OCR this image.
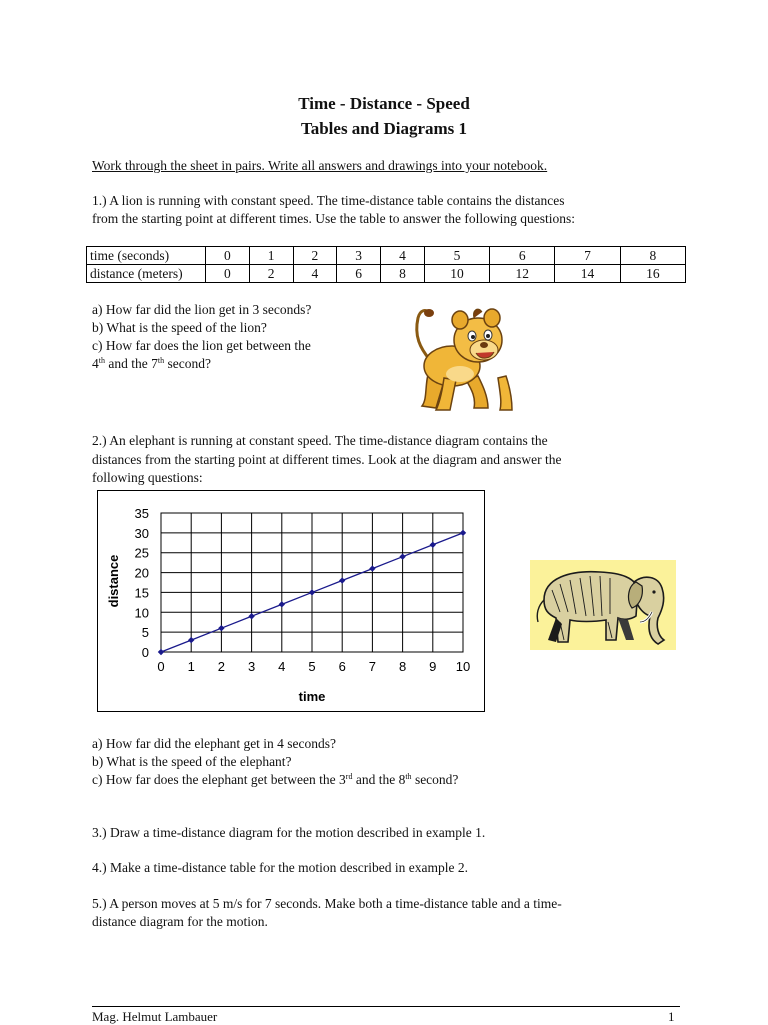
Time - Distance - Speed
Tables and Diagrams 1
Work through the sheet in pairs. Write all answers and drawings into your notebook.
1.) A lion is running with constant speed. The time-distance table contains the distances
from the starting point at different times. Use the table to answer the following questions:
time (seconds)	0	1	2	3	4	5	6	7	8
distance (meters)	0	2	4	6	8	10	12	14	16
a) How far did the lion get in 3 seconds?
b) What is the speed of the lion?
c) How far does the lion get between the
4th and the 7th second?
2.) An elephant is running at constant speed. The time-distance diagram contains the
distances from the starting point at different times. Look at the diagram and answer the
following questions:
0 1 2 3 4 5 6 7 8 9 10
0
5
10
15
20
25
30
35
time
distance
a) How far did the elephant get in 4 seconds?
b) What is the speed of the elephant?
c) How far does the elephant get between the 3rd and the 8th second?
3.) Draw a time-distance diagram for the motion described in example 1.
4.) Make a time-distance table for the motion described in example 2.
5.) A person moves at 5 m/s for 7 seconds. Make both a time-distance table and a time-
distance diagram for the motion.
Mag. Helmut Lambauer	1
